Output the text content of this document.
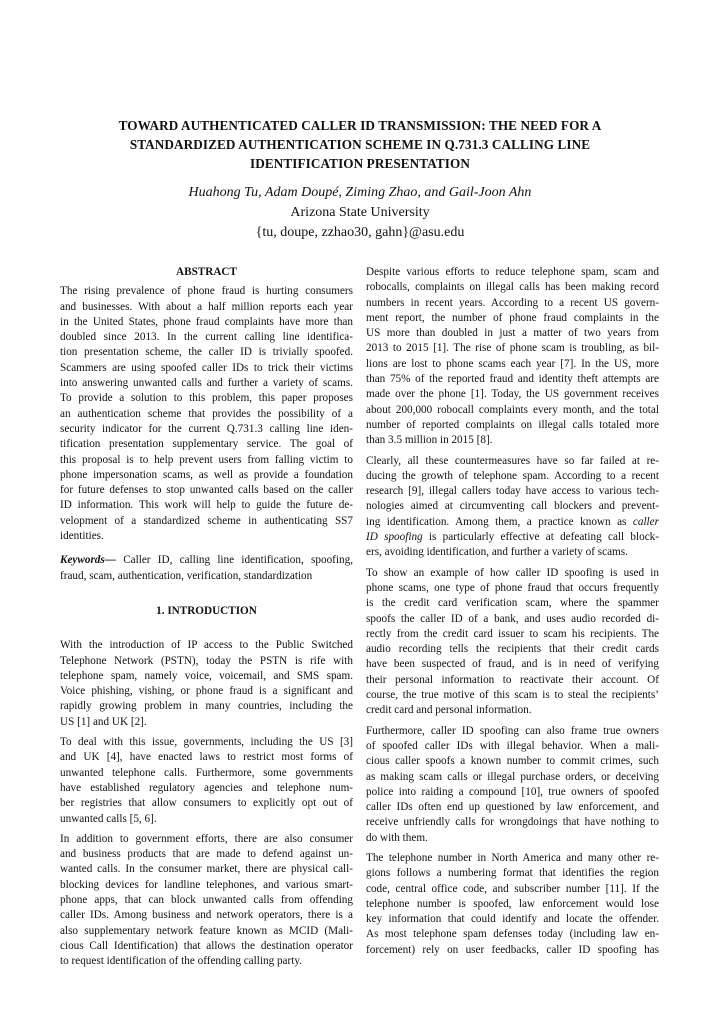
TOWARD AUTHENTICATED CALLER ID TRANSMISSION: THE NEED FOR A
STANDARDIZED AUTHENTICATION SCHEME IN Q.731.3 CALLING LINE
IDENTIFICATION PRESENTATION
Huahong Tu, Adam Doupé, Ziming Zhao, and Gail-Joon Ahn
Arizona State University
{tu, doupe, zzhao30, gahn}@asu.edu
ABSTRACT
The rising prevalence of phone fraud is hurting consumers
and businesses. With about a half million reports each year
in the United States, phone fraud complaints have more than
doubled since 2013. In the current calling line identifica-
tion presentation scheme, the caller ID is trivially spoofed.
Scammers are using spoofed caller IDs to trick their victims
into answering unwanted calls and further a variety of scams.
To provide a solution to this problem, this paper proposes
an authentication scheme that provides the possibility of a
security indicator for the current Q.731.3 calling line iden-
tification presentation supplementary service. The goal of
this proposal is to help prevent users from falling victim to
phone impersonation scams, as well as provide a foundation
for future defenses to stop unwanted calls based on the caller
ID information. This work will help to guide the future de-
velopment of a standardized scheme in authenticating SS7
identities.
Keywords— Caller ID, calling line identification, spoofing,
fraud, scam, authentication, verification, standardization
1. INTRODUCTION
With the introduction of IP access to the Public Switched
Telephone Network (PSTN), today the PSTN is rife with
telephone spam, namely voice, voicemail, and SMS spam.
Voice phishing, vishing, or phone fraud is a significant and
rapidly growing problem in many countries, including the
US [1] and UK [2].
To deal with this issue, governments, including the US [3]
and UK [4], have enacted laws to restrict most forms of
unwanted telephone calls. Furthermore, some governments
have established regulatory agencies and telephone num-
ber registries that allow consumers to explicitly opt out of
unwanted calls [5, 6].
In addition to government efforts, there are also consumer
and business products that are made to defend against un-
wanted calls. In the consumer market, there are physical call-
blocking devices for landline telephones, and various smart-
phone apps, that can block unwanted calls from offending
caller IDs. Among business and network operators, there is a
also supplementary network feature known as MCID (Mali-
cious Call Identification) that allows the destination operator
to request identification of the offending calling party.
Despite various efforts to reduce telephone spam, scam and
robocalls, complaints on illegal calls has been making record
numbers in recent years. According to a recent US govern-
ment report, the number of phone fraud complaints in the
US more than doubled in just a matter of two years from
2013 to 2015 [1]. The rise of phone scam is troubling, as bil-
lions are lost to phone scams each year [7]. In the US, more
than 75% of the reported fraud and identity theft attempts are
made over the phone [1]. Today, the US government receives
about 200,000 robocall complaints every month, and the total
number of reported complaints on illegal calls totaled more
than 3.5 million in 2015 [8].
Clearly, all these countermeasures have so far failed at re-
ducing the growth of telephone spam. According to a recent
research [9], illegal callers today have access to various tech-
nologies aimed at circumventing call blockers and prevent-
ing identification. Among them, a practice known as caller
ID spoofing is particularly effective at defeating call block-
ers, avoiding identification, and further a variety of scams.
To show an example of how caller ID spoofing is used in
phone scams, one type of phone fraud that occurs frequently
is the credit card verification scam, where the spammer
spoofs the caller ID of a bank, and uses audio recorded di-
rectly from the credit card issuer to scam his recipients. The
audio recording tells the recipients that their credit cards
have been suspected of fraud, and is in need of verifying
their personal information to reactivate their account. Of
course, the true motive of this scam is to steal the recipients’
credit card and personal information.
Furthermore, caller ID spoofing can also frame true owners
of spoofed caller IDs with illegal behavior. When a mali-
cious caller spoofs a known number to commit crimes, such
as making scam calls or illegal purchase orders, or deceiving
police into raiding a compound [10], true owners of spoofed
caller IDs often end up questioned by law enforcement, and
receive unfriendly calls for wrongdoings that have nothing to
do with them.
The telephone number in North America and many other re-
gions follows a numbering format that identifies the region
code, central office code, and subscriber number [11]. If the
telephone number is spoofed, law enforcement would lose
key information that could identify and locate the offender.
As most telephone spam defenses today (including law en-
forcement) rely on user feedbacks, caller ID spoofing has
